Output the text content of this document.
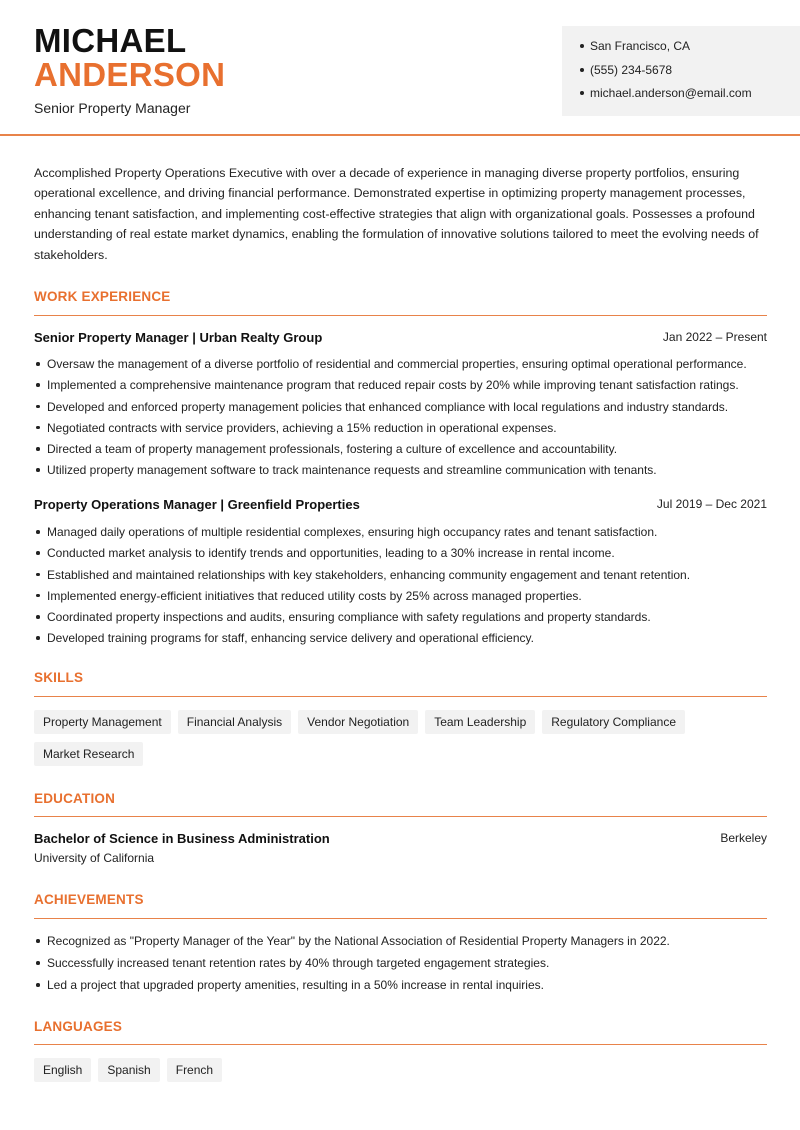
MICHAEL
ANDERSON
Senior Property Manager
San Francisco, CA
(555) 234-5678
michael.anderson@email.com
Accomplished Property Operations Executive with over a decade of experience in managing diverse property portfolios, ensuring operational excellence, and driving financial performance. Demonstrated expertise in optimizing property management processes, enhancing tenant satisfaction, and implementing cost-effective strategies that align with organizational goals. Possesses a profound understanding of real estate market dynamics, enabling the formulation of innovative solutions tailored to meet the evolving needs of stakeholders.
WORK EXPERIENCE
Senior Property Manager | Urban Realty Group	Jan 2022 – Present
Oversaw the management of a diverse portfolio of residential and commercial properties, ensuring optimal operational performance.
Implemented a comprehensive maintenance program that reduced repair costs by 20% while improving tenant satisfaction ratings.
Developed and enforced property management policies that enhanced compliance with local regulations and industry standards.
Negotiated contracts with service providers, achieving a 15% reduction in operational expenses.
Directed a team of property management professionals, fostering a culture of excellence and accountability.
Utilized property management software to track maintenance requests and streamline communication with tenants.
Property Operations Manager | Greenfield Properties	Jul 2019 – Dec 2021
Managed daily operations of multiple residential complexes, ensuring high occupancy rates and tenant satisfaction.
Conducted market analysis to identify trends and opportunities, leading to a 30% increase in rental income.
Established and maintained relationships with key stakeholders, enhancing community engagement and tenant retention.
Implemented energy-efficient initiatives that reduced utility costs by 25% across managed properties.
Coordinated property inspections and audits, ensuring compliance with safety regulations and property standards.
Developed training programs for staff, enhancing service delivery and operational efficiency.
SKILLS
Property Management	Financial Analysis	Vendor Negotiation	Team Leadership	Regulatory Compliance
Market Research
EDUCATION
Bachelor of Science in Business Administration	Berkeley
University of California
ACHIEVEMENTS
Recognized as "Property Manager of the Year" by the National Association of Residential Property Managers in 2022.
Successfully increased tenant retention rates by 40% through targeted engagement strategies.
Led a project that upgraded property amenities, resulting in a 50% increase in rental inquiries.
LANGUAGES
English	Spanish	French
